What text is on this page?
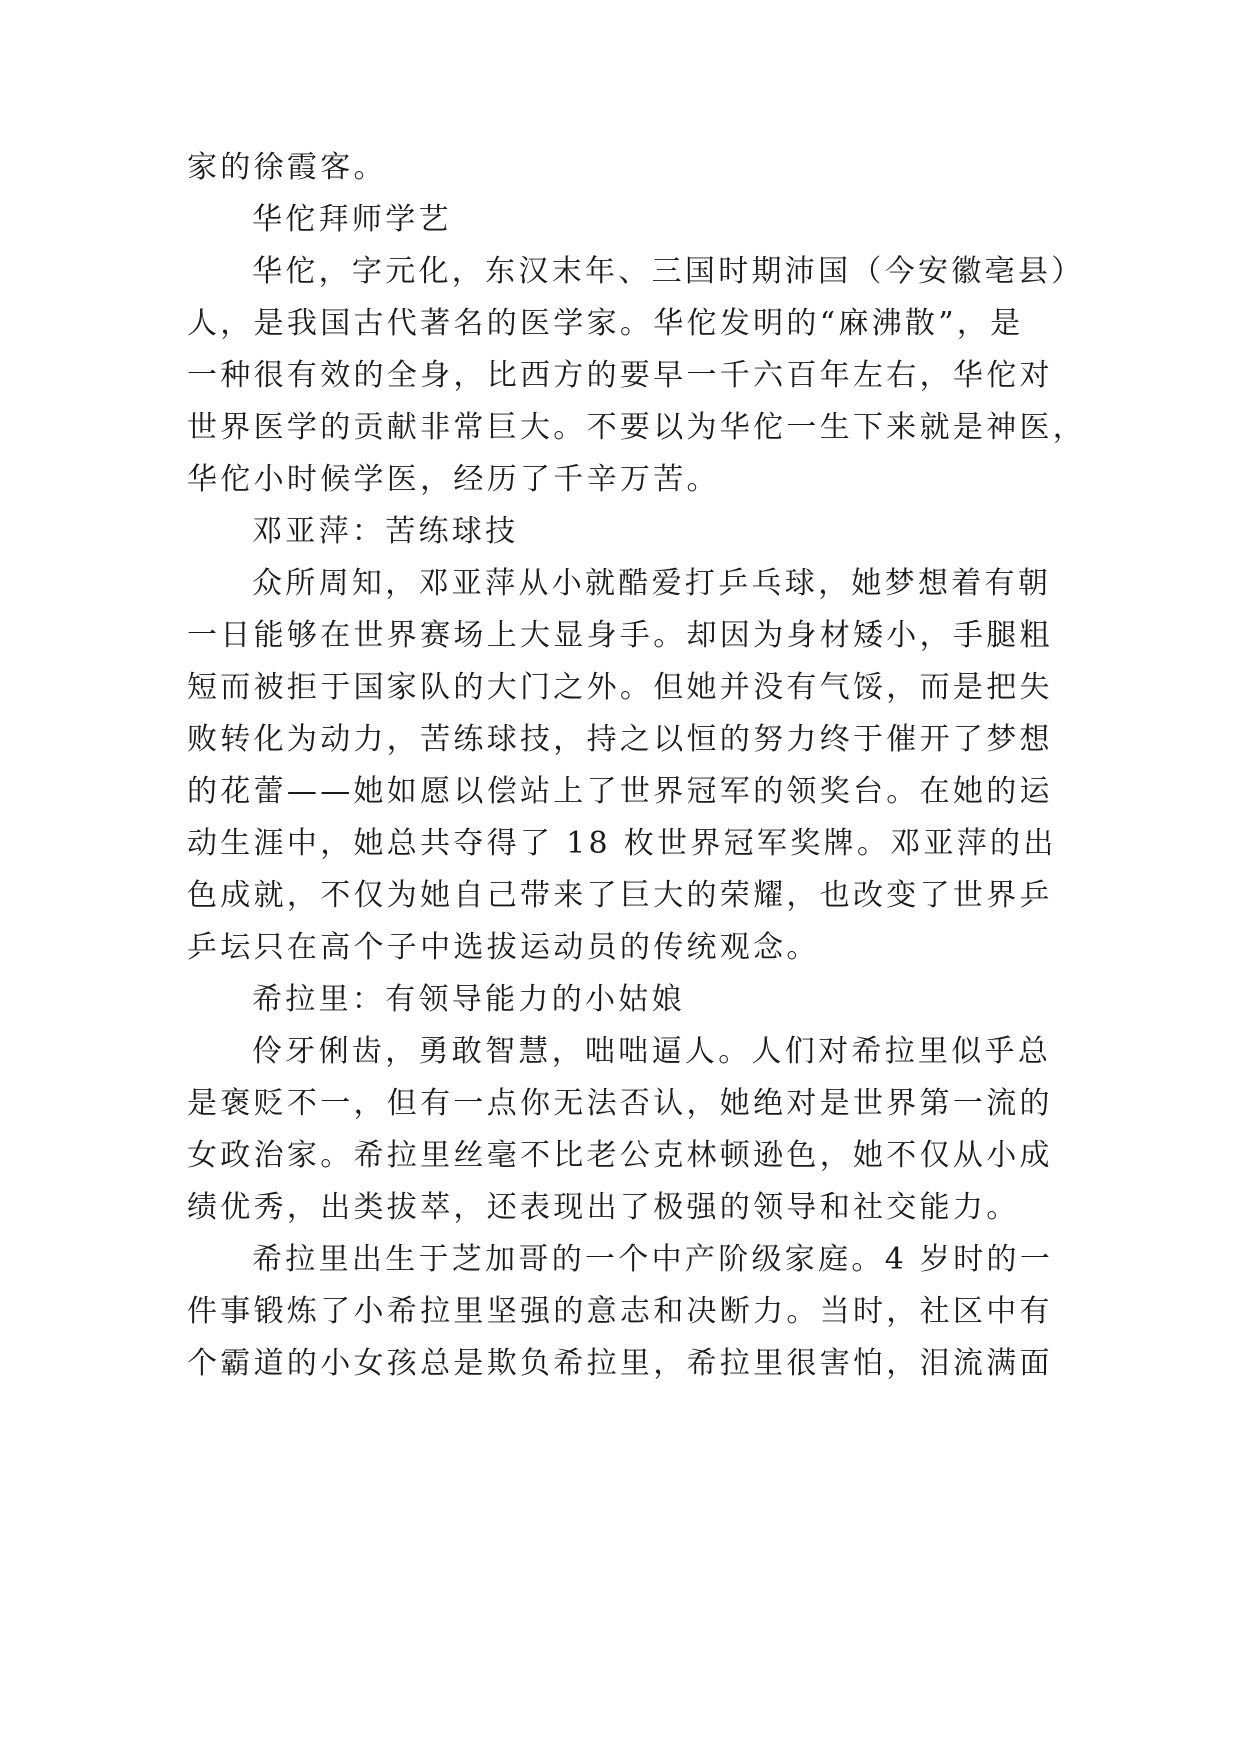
家的徐霞客。
华佗拜师学艺
华佗，字元化，东汉末年、三国时期沛国（今安徽亳县）
人，是我国古代著名的医学家。华佗发明的“麻沸散”，是
一种很有效的全身，比西方的要早一千六百年左右，华佗对
世界医学的贡献非常巨大。不要以为华佗一生下来就是神医，
华佗小时候学医，经历了千辛万苦。
邓亚萍：苦练球技
众所周知，邓亚萍从小就酷爱打乒乓球，她梦想着有朝
一日能够在世界赛场上大显身手。却因为身材矮小，手腿粗
短而被拒于国家队的大门之外。但她并没有气馁，而是把失
败转化为动力，苦练球技，持之以恒的努力终于催开了梦想
的花蕾——她如愿以偿站上了世界冠军的领奖台。在她的运
动生涯中，她总共夺得了 18 枚世界冠军奖牌。邓亚萍的出
色成就，不仅为她自己带来了巨大的荣耀，也改变了世界乒
乒坛只在高个子中选拔运动员的传统观念。
希拉里：有领导能力的小姑娘
伶牙俐齿，勇敢智慧，咄咄逼人。人们对希拉里似乎总
是褒贬不一，但有一点你无法否认，她绝对是世界第一流的
女政治家。希拉里丝毫不比老公克林顿逊色，她不仅从小成
绩优秀，出类拔萃，还表现出了极强的领导和社交能力。
希拉里出生于芝加哥的一个中产阶级家庭。4 岁时的一
件事锻炼了小希拉里坚强的意志和决断力。当时，社区中有
个霸道的小女孩总是欺负希拉里，希拉里很害怕，泪流满面
